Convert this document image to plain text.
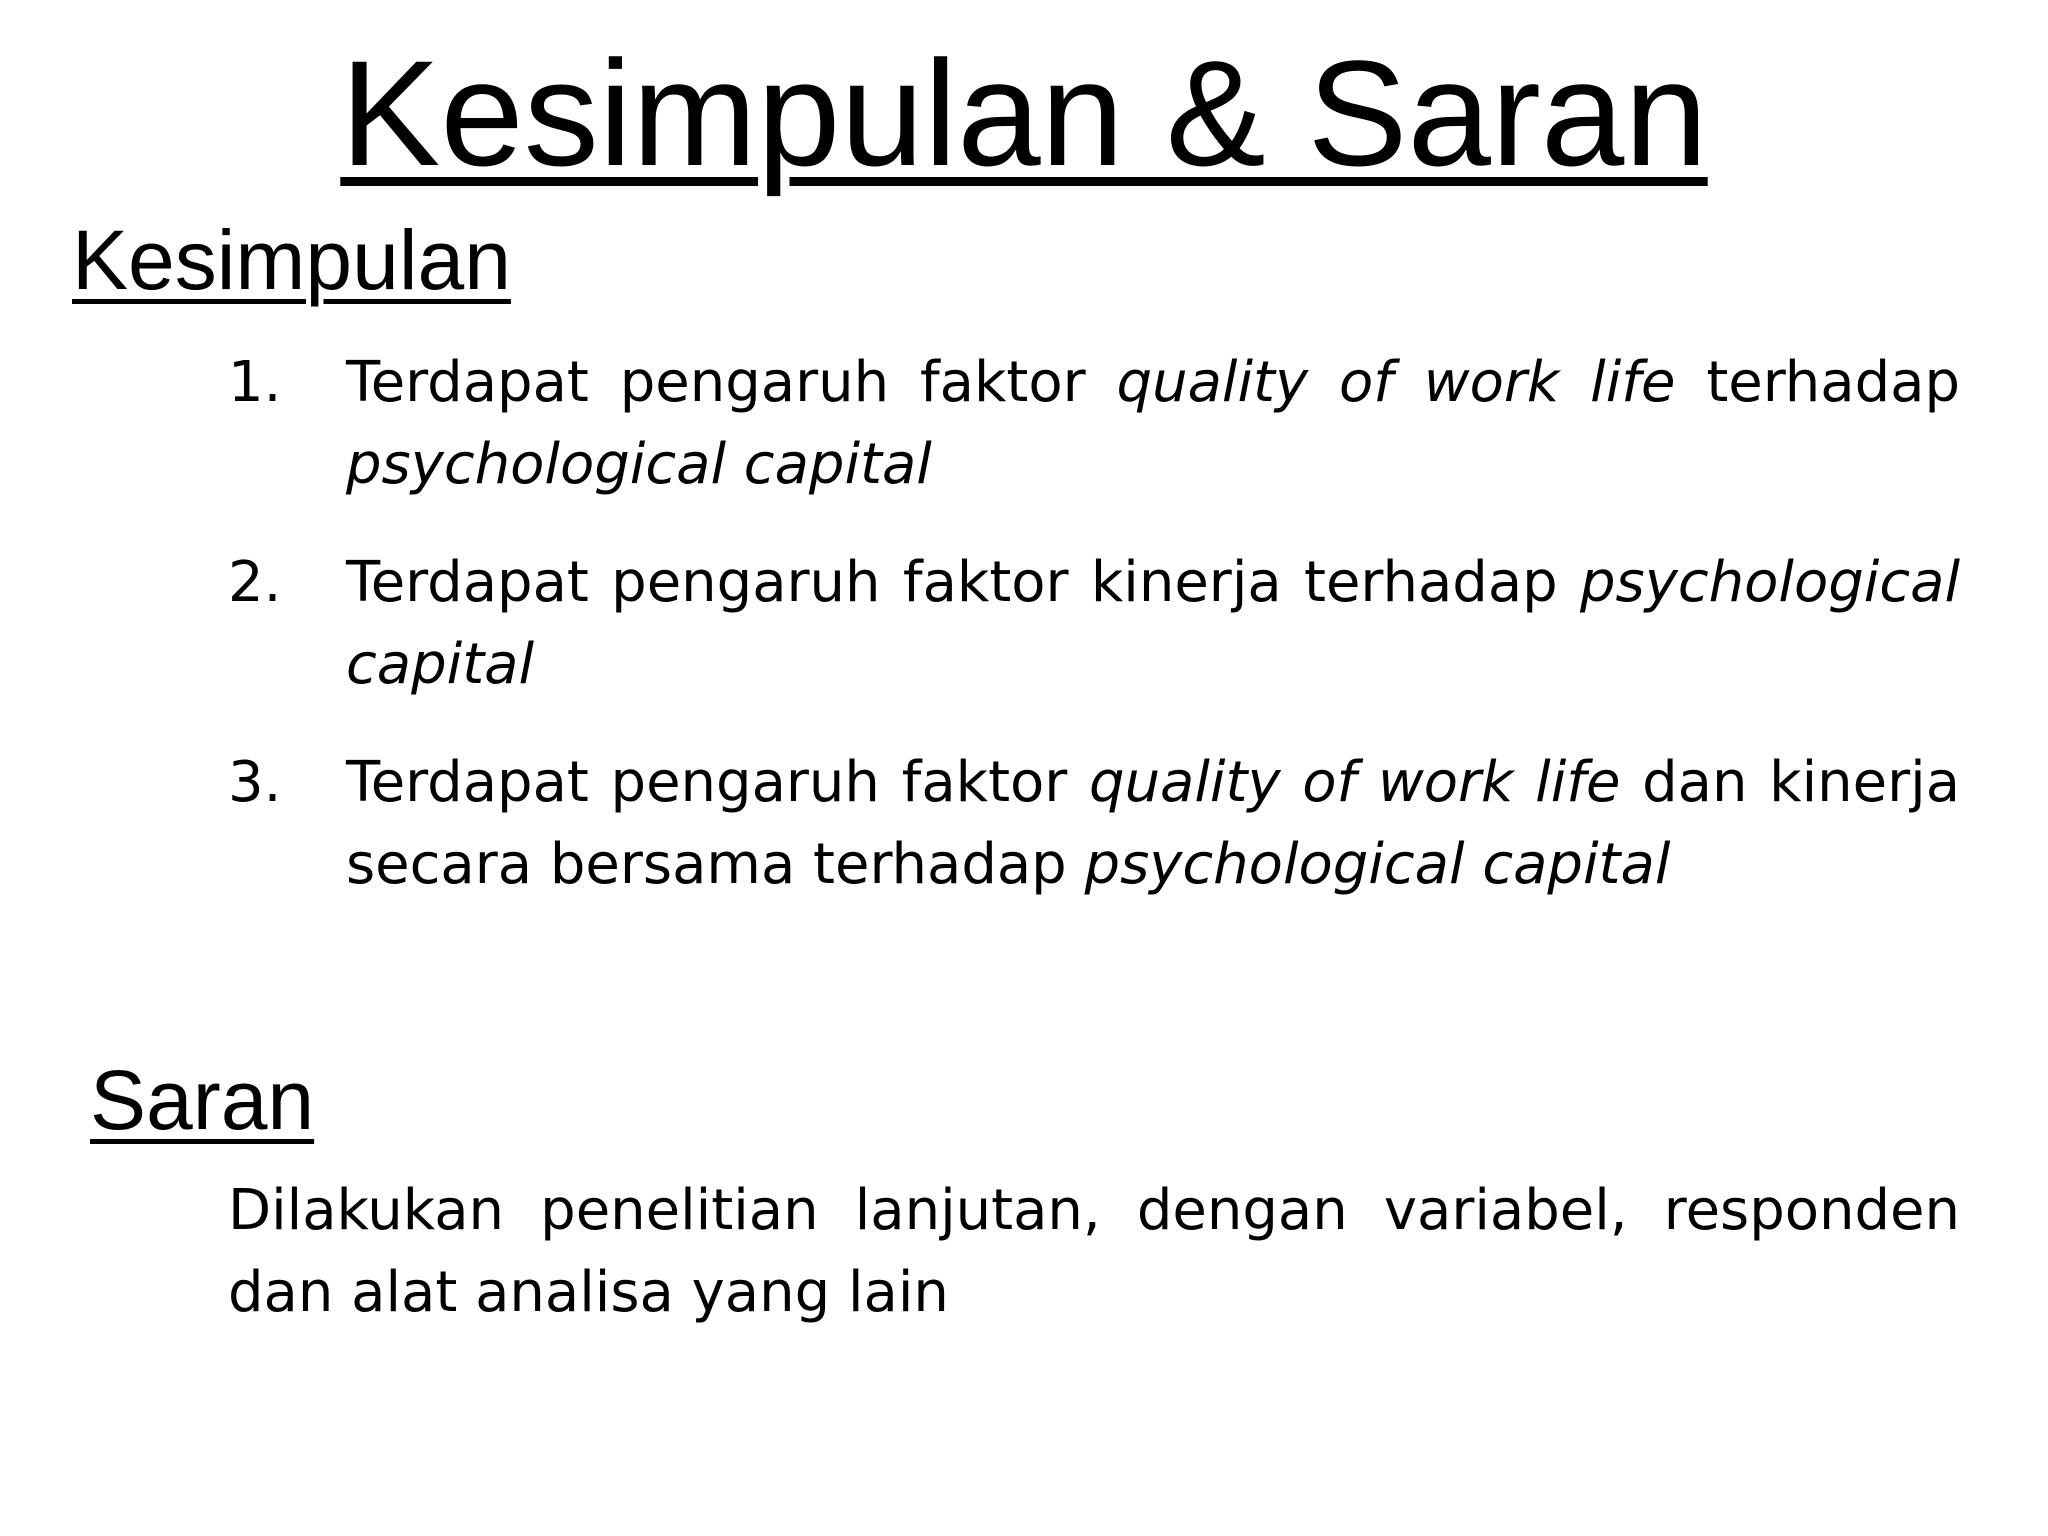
Kesimpulan & Saran
Kesimpulan
1. Terdapat pengaruh faktor quality of work life terhadap psychological capital
2. Terdapat pengaruh faktor kinerja terhadap psychological capital
3. Terdapat pengaruh faktor quality of work life dan kinerja secara bersama terhadap psychological capital
Saran

Dilakukan penelitian lanjutan, dengan variabel, responden dan alat analisa yang lain
